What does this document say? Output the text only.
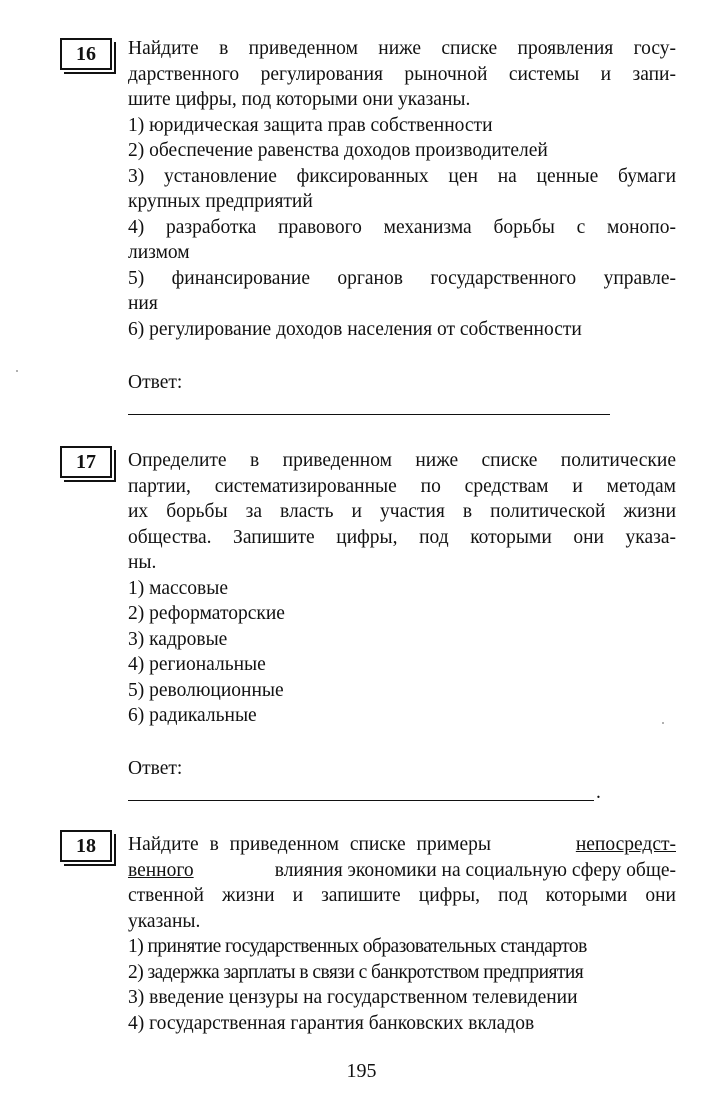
16 Найдите в приведенном ниже списке проявления госу-
дарственного регулирования рыночной системы и запи-
шите цифры, под которыми они указаны.
1) юридическая защита прав собственности
2) обеспечение равенства доходов производителей
3) установление фиксированных цен на ценные бумаги
крупных предприятий
4) разработка правового механизма борьбы с монопо-
лизмом
5) финансирование органов государственного управле-
ния
6) регулирование доходов населения от собственности
Ответ:
17 Определите в приведенном ниже списке политические
партии, систематизированные по средствам и методам
их борьбы за власть и участия в политической жизни
общества. Запишите цифры, под которыми они указа-
ны.
1) массовые
2) реформаторские
3) кадровые
4) региональные
5) революционные
6) радикальные
Ответ:
.
18 Найдите в приведенном списке примеры	непосредст-
венного	влияния экономики на социальную сферу обще-
ственной жизни и запишите цифры, под которыми они
указаны.
1) принятие государственных образовательных стандартов
2) задержка зарплаты в связи с банкротством предприятия
3) введение цензуры на государственном телевидении
4) государственная гарантия банковских вкладов
195
